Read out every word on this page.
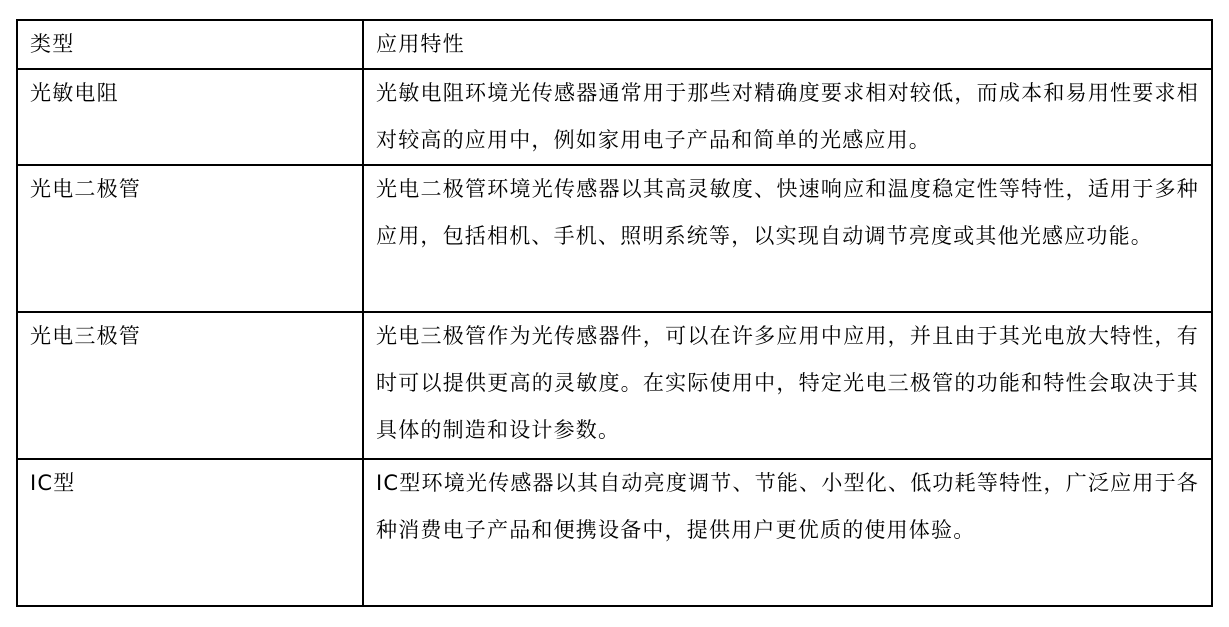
类型	应用特性

光敏电阻	光敏电阻环境光传感器通常用于那些对精确度要求相对较低，而成本和易用性要求相对较高的应用中，例如家用电子产品和简单的光感应用。

光电二极管	光电二极管环境光传感器以其高灵敏度、快速响应和温度稳定性等特性，适用于多种应用，包括相机、手机、照明系统等，以实现自动调节亮度或其他光感应功能。

光电三极管	光电三极管作为光传感器件，可以在许多应用中应用，并且由于其光电放大特性，有时可以提供更高的灵敏度。在实际使用中，特定光电三极管的功能和特性会取决于其具体的制造和设计参数。

IC型	IC型环境光传感器以其自动亮度调节、节能、小型化、低功耗等特性，广泛应用于各种消费电子产品和便携设备中，提供用户更优质的使用体验。
